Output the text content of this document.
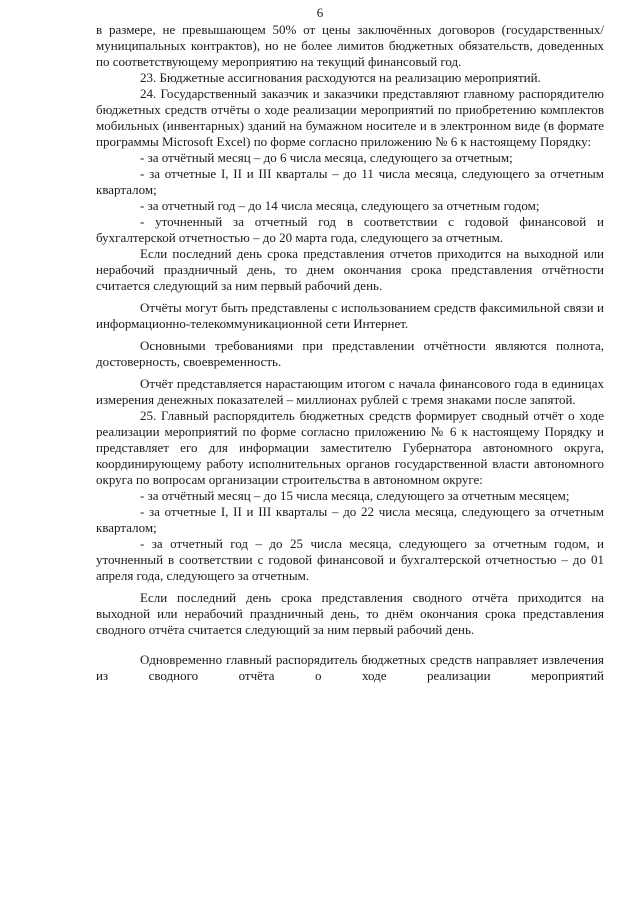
6

в размере, не превышающем 50% от цены заключённых договоров (государственных/муниципальных контрактов), но не более лимитов бюджетных обязательств, доведенных по соответствующему мероприятию на текущий финансовый год.

23. Бюджетные ассигнования расходуются на реализацию мероприятий.

24. Государственный заказчик и заказчики представляют главному распорядителю бюджетных средств отчёты о ходе реализации мероприятий по приобретению комплектов мобильных (инвентарных) зданий на бумажном носителе и в электронном виде (в формате программы Microsoft Excel) по форме согласно приложению № 6 к настоящему Порядку:

- за отчётный месяц – до 6 числа месяца, следующего за отчетным;

- за отчетные I, II и III кварталы – до 11 числа месяца, следующего за отчетным кварталом;

- за отчетный год – до 14 числа месяца, следующего за отчетным годом;

- уточненный за отчетный год в соответствии с годовой финансовой и бухгалтерской отчетностью – до 20 марта года, следующего за отчетным.

Если последний день срока представления отчетов приходится на выходной или нерабочий праздничный день, то днем окончания срока представления отчётности считается следующий за ним первый рабочий день.

Отчёты могут быть представлены с использованием средств факсимильной связи и информационно-телекоммуникационной сети Интернет.

Основными требованиями при представлении отчётности являются полнота, достоверность, своевременность.

Отчёт представляется нарастающим итогом с начала финансового года в единицах измерения денежных показателей – миллионах рублей с тремя знаками после запятой.

25. Главный распорядитель бюджетных средств формирует сводный отчёт о ходе реализации мероприятий по форме согласно приложению № 6 к настоящему Порядку и представляет его для информации заместителю Губернатора автономного округа, координирующему работу исполнительных органов государственной власти автономного округа по вопросам организации строительства в автономном округе:

- за отчётный месяц – до 15 числа месяца, следующего за отчетным месяцем;

- за отчетные I, II и III кварталы – до 22 числа месяца, следующего за отчетным кварталом;

- за отчетный год – до 25 числа месяца, следующего за отчетным годом, и уточненный в соответствии с годовой финансовой и бухгалтерской отчетностью – до 01 апреля года, следующего за отчетным.

Если последний день срока представления сводного отчёта приходится на выходной или нерабочий праздничный день, то днём окончания срока представления сводного отчёта считается следующий за ним первый рабочий день.

Одновременно главный распорядитель бюджетных средств направляет извлечения из сводного отчёта о ходе реализации мероприятий
